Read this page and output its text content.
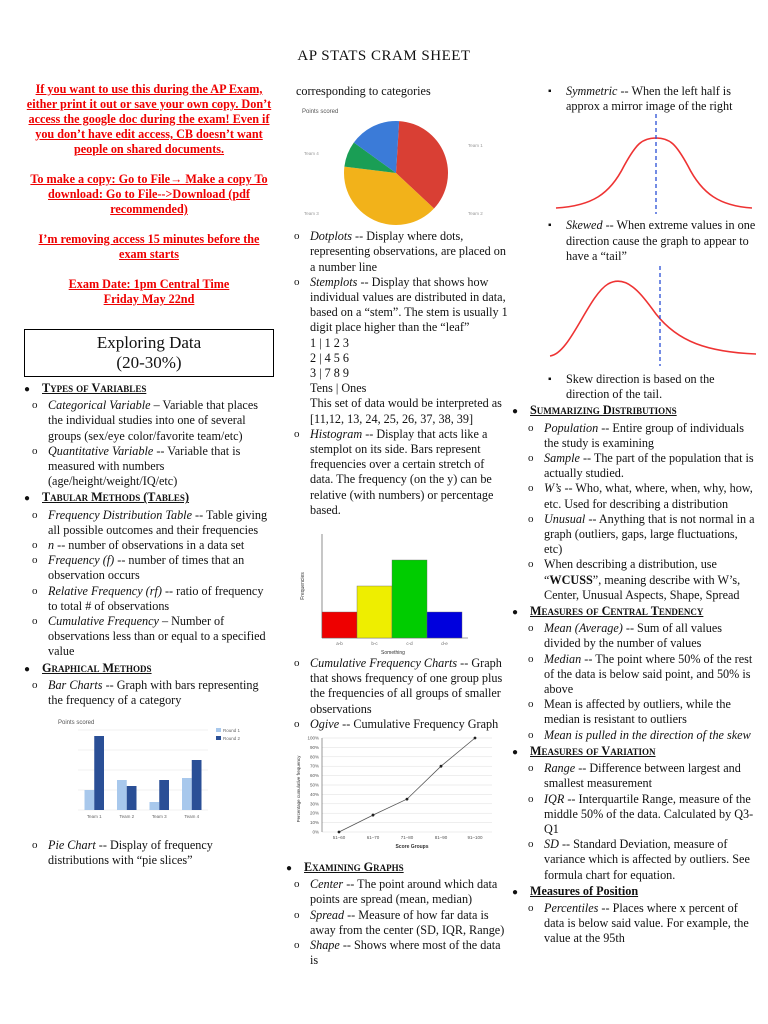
AP STATS CRAM SHEET

If you want to use this during the AP Exam, either print it out or save your own copy. Don’t access the google doc during the exam! Even if you don’t have edit access, CB doesn’t want people on shared documents.

To make a copy: Go to File→ Make a copy To download: Go to File-->Download (pdf recommended)

I’m removing access 15 minutes before the exam starts

Exam Date: 1pm Central Time
Friday May 22nd

Exploring Data
(20-30%)
● Types of Variables
o Categorical Variable – Variable that places the individual studies into one of several groups (sex/eye color/favorite team/etc)
o Quantitative Variable -- Variable that is measured with numbers (age/height/weight/IQ/etc)
● Tabular Methods (Tables)
o Frequency Distribution Table -- Table giving all possible outcomes and their frequencies
o n -- number of observations in a data set
o Frequency (f) -- number of times that an observation occurs
o Relative Frequency (rf) -- ratio of frequency to total # of observations
o Cumulative Frequency – Number of observations less than or equal to a specified value
● Graphical Methods
o Bar Charts -- Graph with bars representing the frequency of a category
Points scored
Team 1	Team 2	Team 3	Team 4
Round 1
Round 2
o Pie Chart -- Display of frequency distributions with “pie slices”
corresponding to categories
Points scored
Team 1
Team 2
Team 3
Team 4
o Dotplots -- Display where dots, representing observations, are placed on a number line
o Stemplots -- Display that shows how individual values are distributed in data, based on a “stem”. The stem is usually 1 digit place higher than the “leaf”
1 | 1 2 3
2 | 4 5 6
3 | 7 8 9
Tens | Ones
This set of data would be interpreted as [11,12, 13, 24, 25, 26, 37, 38, 39]
o Histogram -- Display that acts like a stemplot on its side. Bars represent frequencies over a certain stretch of data. The frequency (on the y) can be relative (with numbers) or percentage based.
a-b	b-c	c-d	d-e
Something
Frequencies
o Cumulative Frequency Charts -- Graph that shows frequency of one group plus the frequencies of all groups of smaller observations
o Ogive -- Cumulative Frequency Graph
0%
10%
20%
30%
40%
50%
60%
70%
80%
90%
100%
51–60	61–70	71–80	81–90	91–100
Score Groups
Percentage cumulative frequency
● Examining Graphs
o Center -- The point around which data points are spread (mean, median)
o Spread -- Measure of how far data is away from the center (SD, IQR, Range)
o Shape -- Shows where most of the data is
▪ Symmetric -- When the left half is approx a mirror image of the right
▪ Skewed -- When extreme values in one direction cause the graph to appear to have a “tail”
▪ Skew direction is based on the direction of the tail.
● Summarizing Distributions
o Population -- Entire group of individuals the study is examining
o Sample -- The part of the population that is actually studied.
o W’s -- Who, what, where, when, why, how, etc. Used for describing a distribution
o Unusual -- Anything that is not normal in a graph (outliers, gaps, large fluctuations, etc)
o When describing a distribution, use “WCUSS”, meaning describe with W’s, Center, Unusual Aspects, Shape, Spread
● Measures of Central Tendency
o Mean (Average) -- Sum of all values divided by the number of values
o Median -- The point where 50% of the rest of the data is below said point, and 50% is above
o Mean is affected by outliers, while the median is resistant to outliers
o Mean is pulled in the direction of the skew
● Measures of Variation
o Range -- Difference between largest and smallest measurement
o IQR -- Interquartile Range, measure of the middle 50% of the data. Calculated by Q3-Q1
o SD -- Standard Deviation, measure of variance which is affected by outliers. See formula chart for equation.
● Measures of Position
o Percentiles -- Places where x percent of data is below said value. For example, the value at the 95th
